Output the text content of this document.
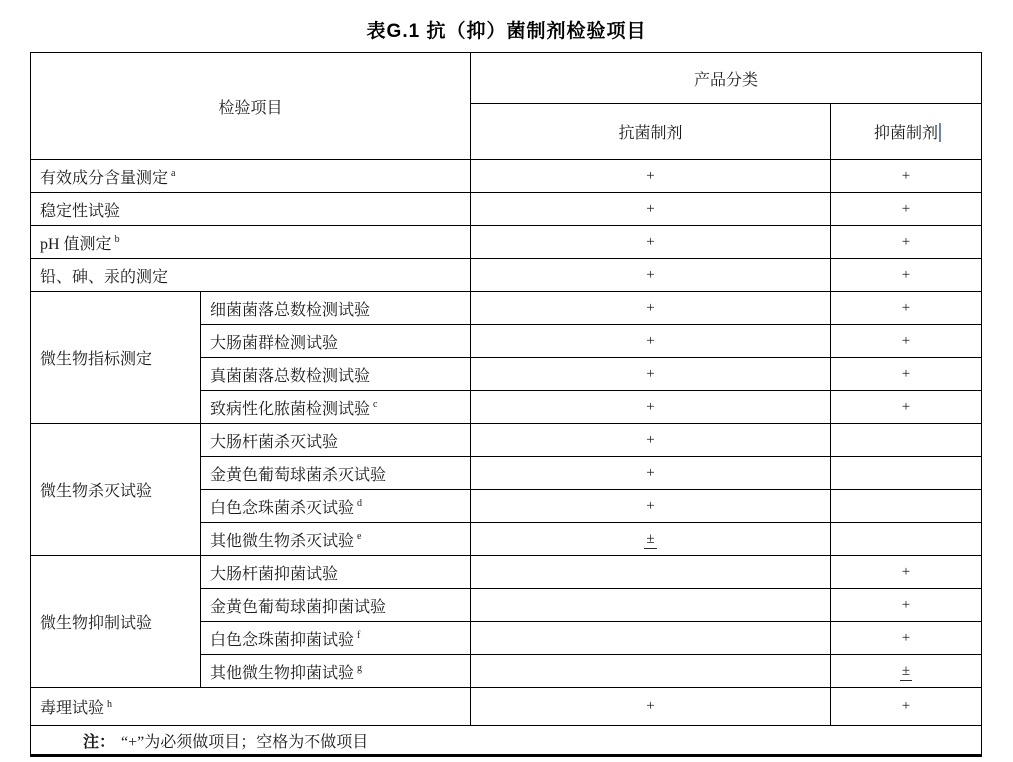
表G.1 抗（抑）菌制剂检验项目
检验项目		产品分类	
		抗菌制剂	抑菌制剂
有效成分含量测定 $^a$		+	+
稳定性试验		+	+
pH 值测定 $^b$		+	+
铅、砷、汞的测定		+	+
微生物指标测定	细菌菌落总数检测试验	+	+
	大肠菌群检测试验	+	+
	真菌菌落总数检测试验	+	+
	致病性化脓菌检测试验 $^c$	+	+
微生物杀灭试验	大肠杆菌杀灭试验	+	
	金黄色葡萄球菌杀灭试验	+	
	白色念珠菌杀灭试验 $^d$	+	
	其他微生物杀灭试验 $^e$	±	
微生物抑制试验	大肠杆菌抑菌试验		+
	金黄色葡萄球菌抑菌试验		+
	白色念珠菌抑菌试验 $^f$		+
	其他微生物抑菌试验 $^g$		±
毒理试验 $^h$		+	+
注： “+”为必须做项目；空格为不做项目			
